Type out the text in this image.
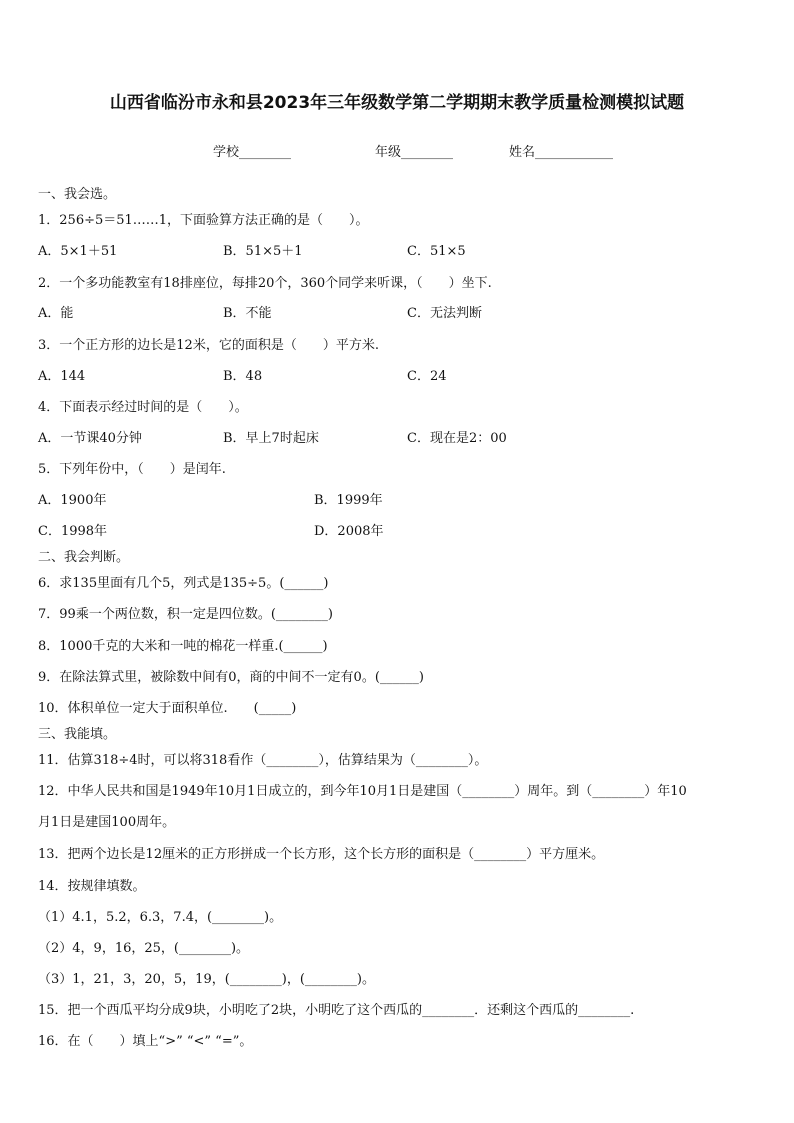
山西省临汾市永和县2023年三年级数学第二学期期末教学质量检测模拟试题
学校________	年级________	姓名____________
一、我会选。
1．256÷5＝51……1，下面验算方法正确的是（　　）。
A．5×1＋51	B．51×5＋1	C．51×5
2．一个多功能教室有18排座位，每排20个，360个同学来听课，（　　）坐下.
A．能	B．不能	C．无法判断
3．一个正方形的边长是12米，它的面积是（　　）平方米.
A．144	B．48	C．24
4．下面表示经过时间的是（　　）。
A．一节课40分钟	B．早上7时起床	C．现在是2：00
5．下列年份中，（　　）是闰年.
A．1900年	B．1999年
C．1998年	D．2008年
二、我会判断。
6．求135里面有几个5，列式是135÷5。(______)
7．99乘一个两位数，积一定是四位数。(________)
8．1000千克的大米和一吨的棉花一样重.(______)
9．在除法算式里，被除数中间有0，商的中间不一定有0。(______)
10．体积单位一定大于面积单位.　　(_____)
三、我能填。
11．估算318÷4时，可以将318看作（________），估算结果为（________）。
12．中华人民共和国是1949年10月1日成立的，到今年10月1日是建国（________）周年。到（________）年10
月1日是建国100周年。
13．把两个边长是12厘米的正方形拼成一个长方形，这个长方形的面积是（________）平方厘米。
14．按规律填数。
（1）4.1，5.2，6.3，7.4，(________)。
（2）4，9，16，25，(________)。
（3）1，21，3，20，5，19，(________)，(________)。
15．把一个西瓜平均分成9块，小明吃了2块，小明吃了这个西瓜的________．还剩这个西瓜的________.
16．在（　　）填上“>” “<” “=”。
